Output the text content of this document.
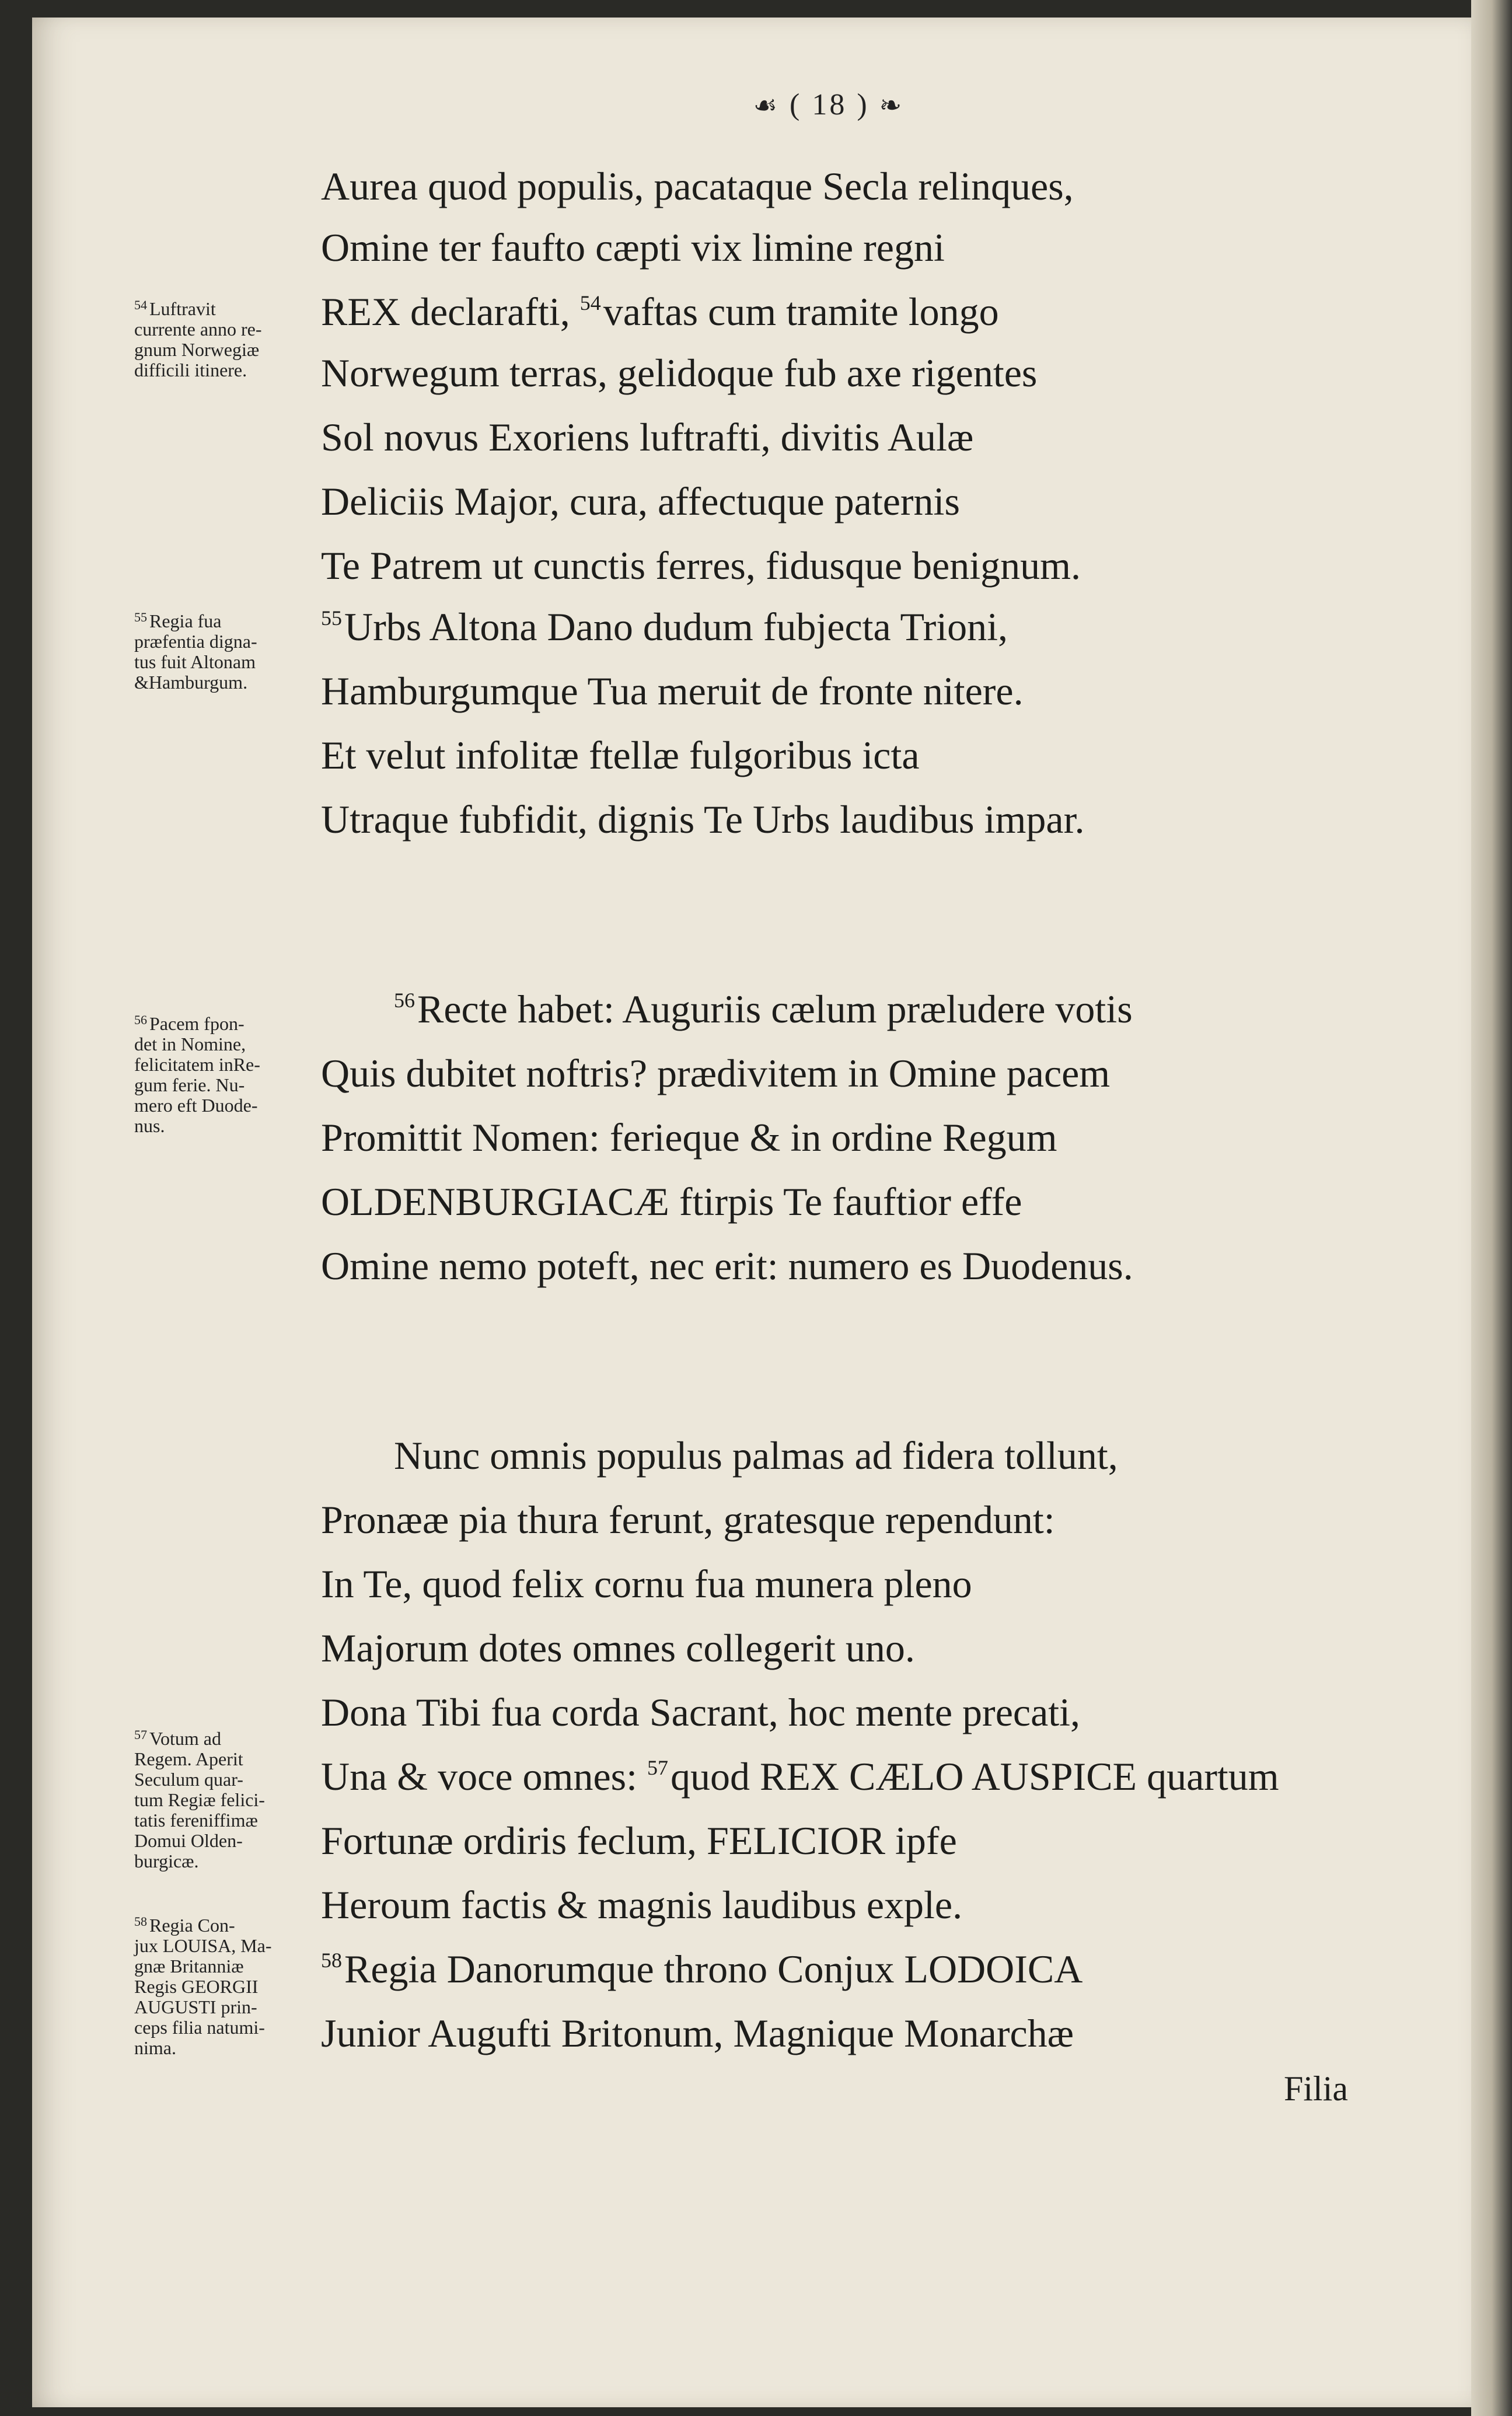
☙ ( 18 ) ❧
Aurea quod populis, pacataque Secla relinques,
Omine ter faufto cæpti vix limine regni
REX declarafti, $^{54}$vaftas cum tramite longo
Norwegum terras, gelidoque fub axe rigentes
Sol novus Exoriens luftrafti, divitis Aulæ
Deliciis Major, cura, affectuque paternis
Te Patrem ut cunctis ferres, fidusque benignum.
$^{55}$Urbs Altona Dano dudum fubjecta Trioni,
Hamburgumque Tua meruit de fronte nitere.
Et velut infolitæ ftellæ fulgoribus icta
Utraque fubfidit, dignis Te Urbs laudibus impar.
$^{56}$Recte habet: Auguriis cælum præludere votis
Quis dubitet noftris? prædivitem in Omine pacem
Promittit Nomen: ferieque & in ordine Regum
OLDENBURGIACÆ ftirpis Te fauftior effe
Omine nemo poteft, nec erit: numero es Duodenus.
Nunc omnis populus palmas ad fidera tollunt,
Pronææ pia thura ferunt, gratesque rependunt:
In Te, quod felix cornu fua munera pleno
Majorum dotes omnes collegerit uno.
Dona Tibi fua corda Sacrant, hoc mente precati,
Una & voce omnes: $^{57}$quod REX CÆLO AUSPICE quartum
Fortunæ ordiris feclum, FELICIOR ipfe
Heroum factis & magnis laudibus exple.
$^{58}$Regia Danorumque throno Conjux LODOICA
Junior Augufti Britonum, Magnique Monarchæ
Filia
$^{54}$ Luftravit
currente anno re-
gnum Norwegiæ
difficili itinere.
$^{55}$ Regia fua
præfentia digna-
tus fuit Altonam
&Hamburgum.
$^{56}$ Pacem fpon-
det in Nomine,
felicitatem inRe-
gum ferie. Nu-
mero eft Duode-
nus.
$^{57}$ Votum ad
Regem. Aperit
Seculum quar-
tum Regiæ felici-
tatis fereniffimæ
Domui Olden-
burgicæ.
$^{58}$ Regia Con-
jux LOUISA, Ma-
gnæ Britanniæ
Regis GEORGII
AUGUSTI prin-
ceps filia natumi-
nima.
